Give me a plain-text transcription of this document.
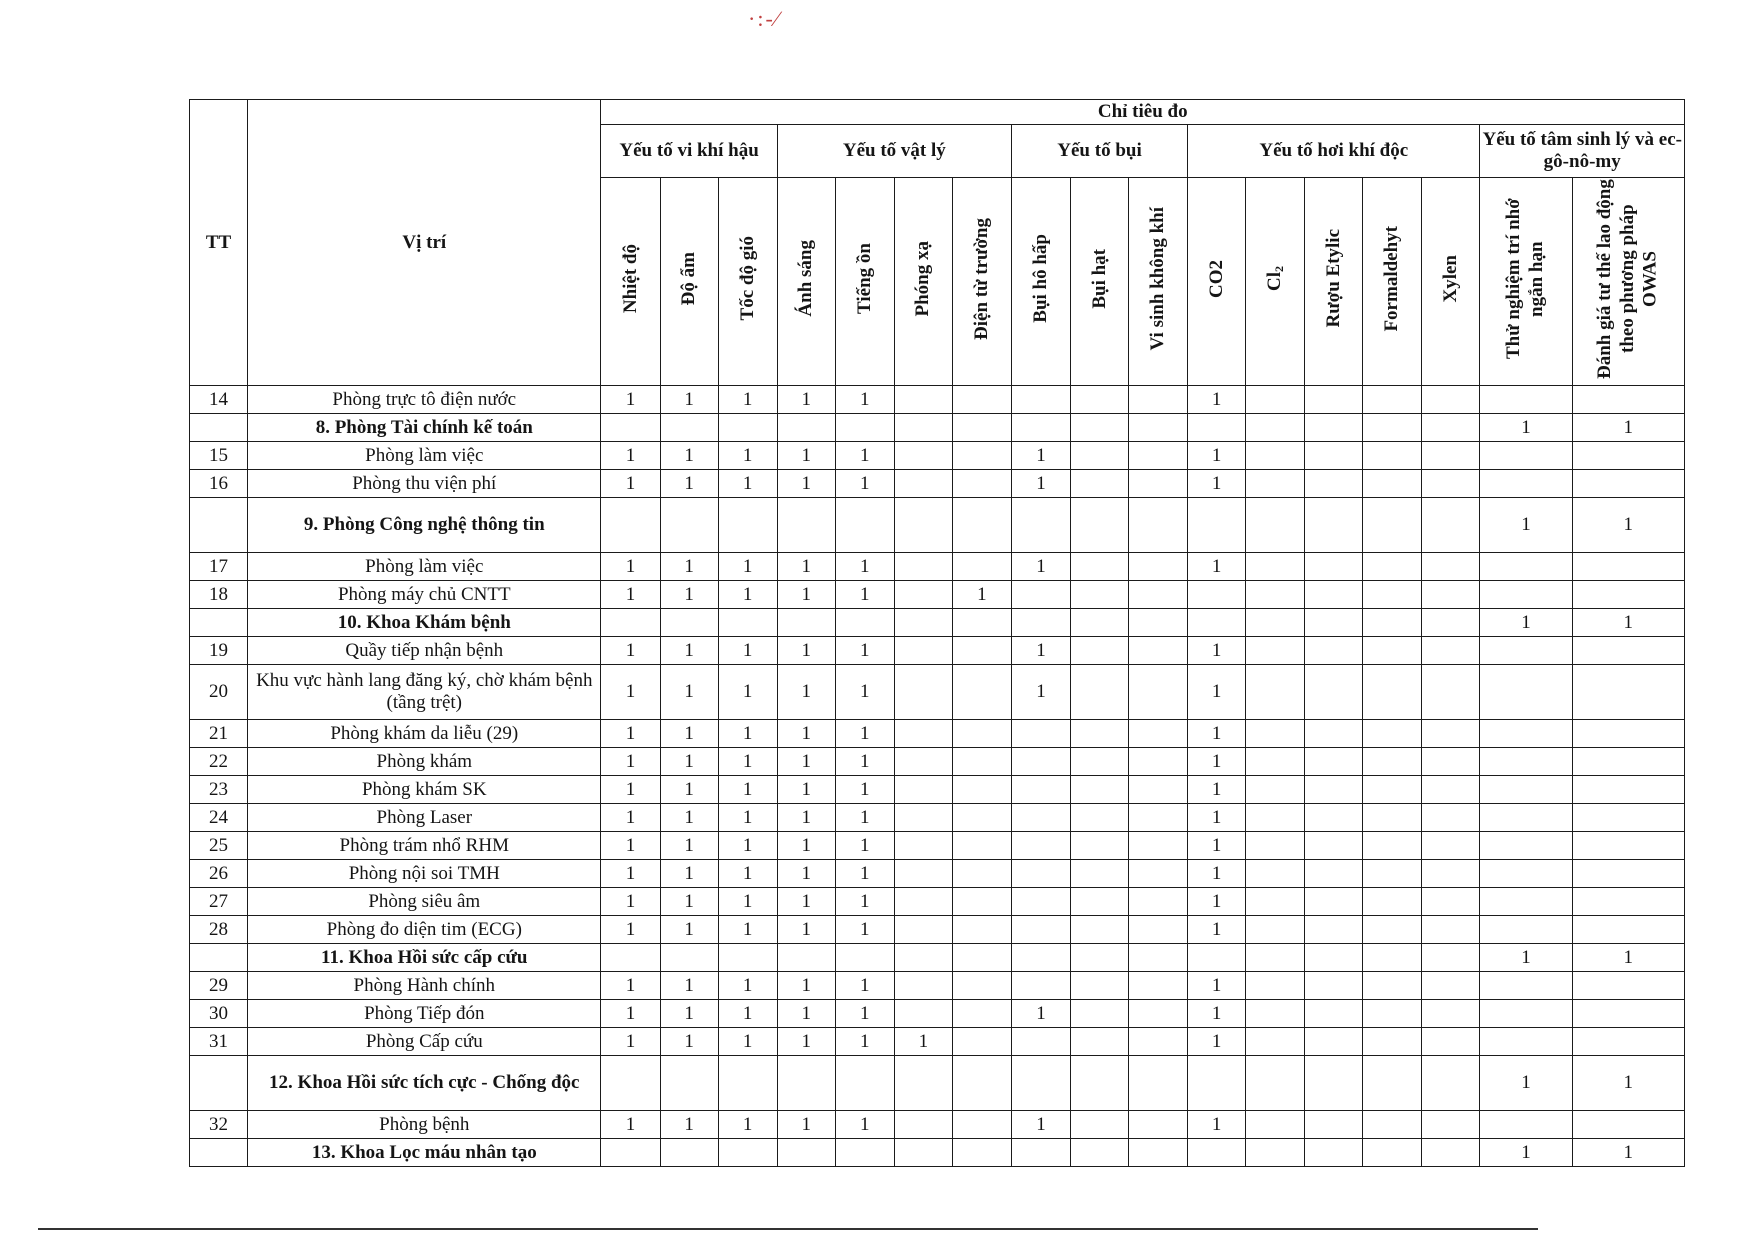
·:-∕
TT	Vị trí	Chỉ tiêu đo																
		Yếu tố vi khí hậu			Yếu tố vật lý				Yếu tố bụi			Yếu tố hơi khí độc					Yếu tố tâm sinh lý và ec-gô-nô-my	
		Nhiệt độ	Độ ẩm	Tốc độ gió	Ánh sáng	Tiếng ồn	Phóng xạ	Điện từ trường	Bụi hô hấp	Bụi hạt	Vi sinh không khí	CO2	$Cl_2$	Rượu Etylic	Formaldehyt	Xylen	Thử nghiệm trí nhớ ngắn hạn	Đánh giá tư thế lao động theo phương pháp OWAS
14	Phòng trực tô điện nước	1	1	1	1	1						1						
	8. Phòng Tài chính kế toán																1	1
15	Phòng làm việc	1	1	1	1	1			1			1						
16	Phòng thu viện phí	1	1	1	1	1			1			1						
	9. Phòng Công nghệ thông tin																1	1
17	Phòng làm việc	1	1	1	1	1			1			1						
18	Phòng máy chủ CNTT	1	1	1	1	1		1										
	10. Khoa Khám bệnh																1	1
19	Quầy tiếp nhận bệnh	1	1	1	1	1			1			1						
20	Khu vực hành lang đăng ký, chờ khám bệnh (tầng trệt)	1	1	1	1	1			1			1						
21	Phòng khám da liễu (29)	1	1	1	1	1						1						
22	Phòng khám	1	1	1	1	1						1						
23	Phòng khám SK	1	1	1	1	1						1						
24	Phòng Laser	1	1	1	1	1						1						
25	Phòng trám nhổ RHM	1	1	1	1	1						1						
26	Phòng nội soi TMH	1	1	1	1	1						1						
27	Phòng siêu âm	1	1	1	1	1						1						
28	Phòng đo diện tim (ECG)	1	1	1	1	1						1						
	11. Khoa Hồi sức cấp cứu																1	1
29	Phòng Hành chính	1	1	1	1	1						1						
30	Phòng Tiếp đón	1	1	1	1	1			1			1						
31	Phòng Cấp cứu	1	1	1	1	1	1					1						
	12. Khoa Hồi sức tích cực - Chống độc																1	1
32	Phòng bệnh	1	1	1	1	1			1			1						
	13. Khoa Lọc máu nhân tạo																1	1
